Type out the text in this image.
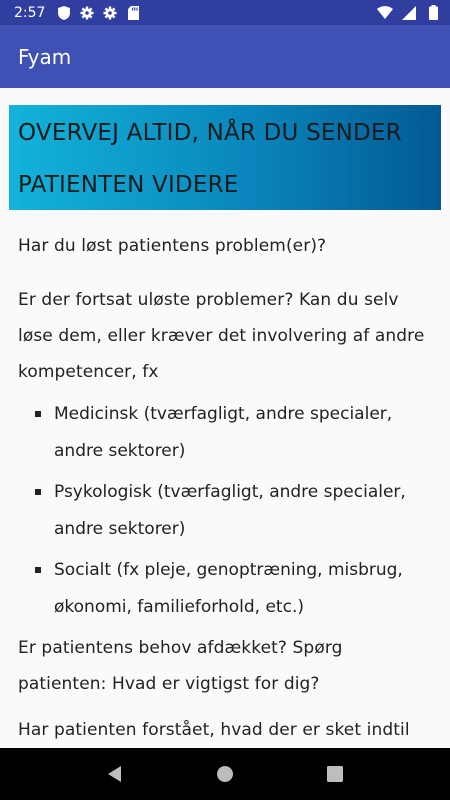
2:57
Fyam
OVERVEJ ALTID, NÅR DU SENDER PATIENTEN VIDERE

Har du løst patientens problem(er)?

Er der fortsat uløste problemer? Kan du selv løse dem, eller kræver det involvering af andre kompetencer, fx

Medicinsk (tværfagligt, andre specialer, andre sektorer)
Psykologisk (tværfagligt, andre specialer, andre sektorer)
Socialt (fx pleje, genoptræning, misbrug, økonomi, familieforhold, etc.)

Er patientens behov afdækket? Spørg patienten: Hvad er vigtigst for dig?

Har patienten forstået, hvad der er sket indtil
